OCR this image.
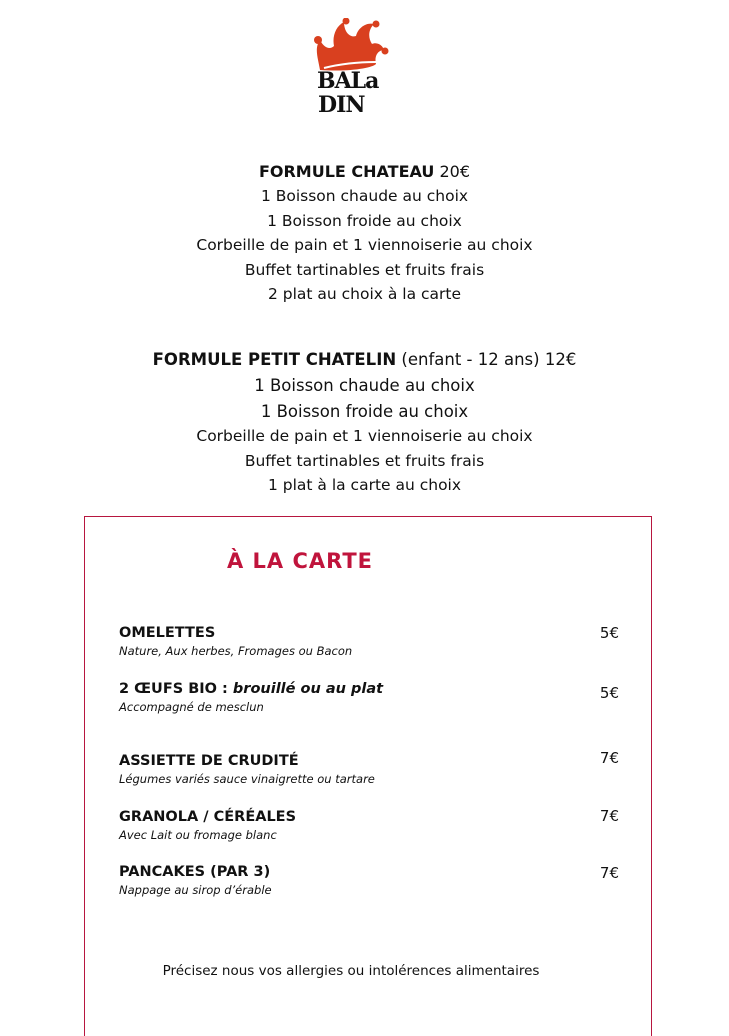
BALa
DIN

FORMULE CHATEAU 20€

1 Boisson chaude au choix

1 Boisson froide au choix

Corbeille de pain et 1 viennoiserie au choix

Buffet tartinables et fruits frais

2 plat au choix à la carte

FORMULE PETIT CHATELIN (enfant - 12 ans) 12€

1 Boisson chaude au choix

1 Boisson froide au choix

Corbeille de pain et 1 viennoiserie au choix

Buffet tartinables et fruits frais

1 plat à la carte au choix

À LA CARTE
OMELETTES
Nature, Aux herbes, Fromages ou Bacon
5€
2 ŒUFS BIO : brouillé ou au plat
Accompagné de mesclun
5€
ASSIETTE DE CRUDITÉ
Légumes variés sauce vinaigrette ou tartare
7€
GRANOLA / CÉRÉALES
Avec Lait ou fromage blanc
7€
PANCAKES (PAR 3)
Nappage au sirop d’érable
7€
Précisez nous vos allergies ou intolérences alimentaires
